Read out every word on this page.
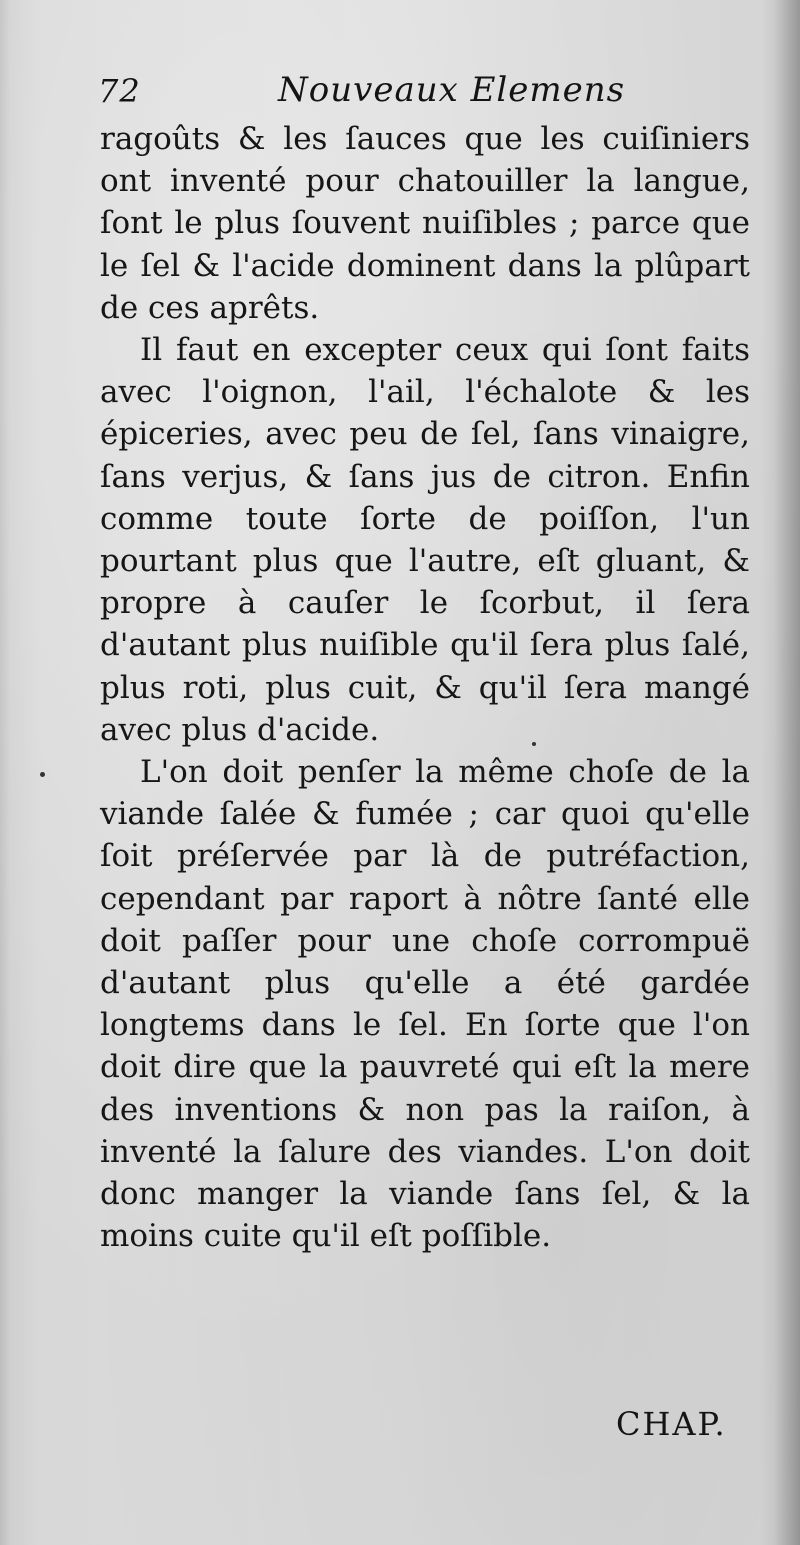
72	Nouveaux Elemens

ragoûts & les ſauces que les cuiſiniers ont inventé pour chatouiller la langue, ſont le plus ſouvent nuiſibles ; parce que le ſel & l'acide dominent dans la plûpart de ces aprêts.

Il faut en excepter ceux qui ſont faits avec l'oignon, l'ail, l'échalote & les épiceries, avec peu de ſel, ſans vinaigre, ſans verjus, & ſans jus de citron. Enfin comme toute ſorte de poiſſon, l'un pourtant plus que l'autre, eſt gluant, & propre à cauſer le ſcorbut, il ſera d'autant plus nuiſible qu'il ſera plus ſalé, plus roti, plus cuit, & qu'il ſera mangé avec plus d'acide.

L'on doit penſer la même choſe de la viande ſalée & fumée ; car quoi qu'elle ſoit préſervée par là de putréfaction, cependant par raport à nôtre ſanté elle doit paſſer pour une choſe corrompuë d'autant plus qu'elle a été gardée longtems dans le ſel. En ſorte que l'on doit dire que la pauvreté qui eſt la mere des inventions & non pas la raiſon, à inventé la ſalure des viandes. L'on doit donc manger la viande ſans ſel, & la moins cuite qu'il eſt poſſible.

CHAP.
